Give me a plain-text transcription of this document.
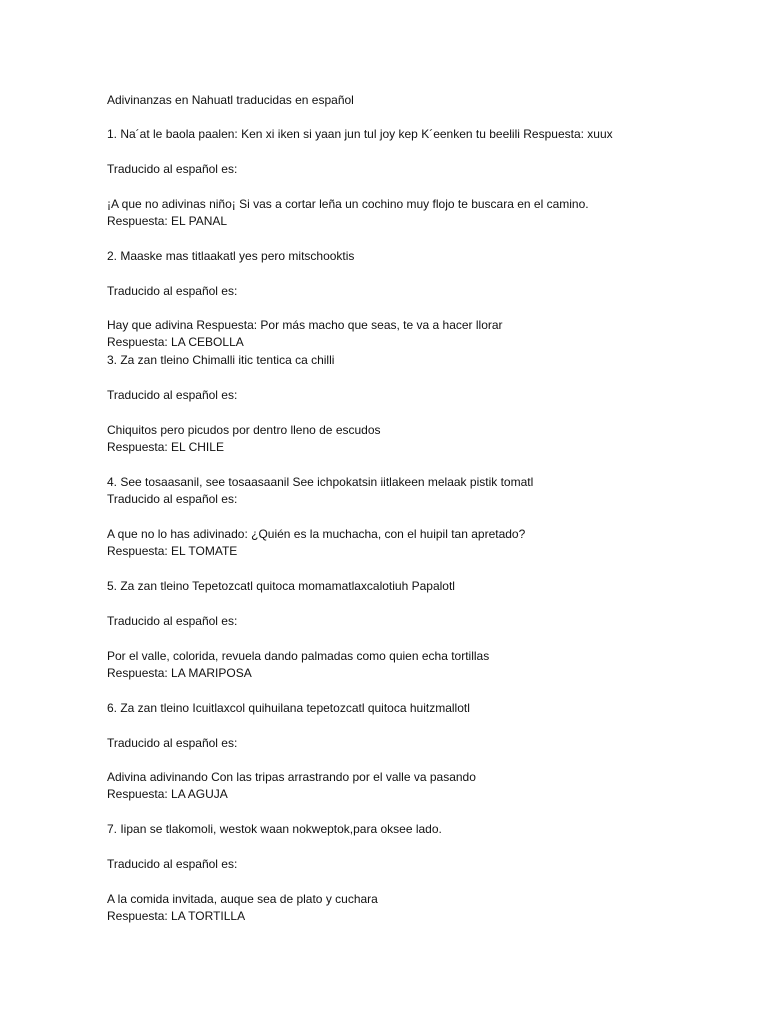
Adivinanzas en Nahuatl traducidas en español
1. Na´at le baola paalen: Ken xi iken si yaan jun tul joy kep K´eenken tu beelili Respuesta: xuux
Traducido al español es:
¡A que no adivinas niño¡ Si vas a cortar leña un cochino muy flojo te buscara en el camino.
Respuesta: EL PANAL
2. Maaske mas titlaakatl yes pero mitschooktis
Traducido al español es:
Hay que adivina Respuesta: Por más macho que seas, te va a hacer llorar
Respuesta: LA CEBOLLA
3. Za zan tleino Chimalli itic tentica ca chilli
Traducido al español es:
Chiquitos pero picudos por dentro lleno de escudos
Respuesta: EL CHILE
4. See tosaasanil, see tosaasaanil See ichpokatsin iitlakeen melaak pistik tomatl
Traducido al español es:
A que no lo has adivinado: ¿Quién es la muchacha, con el huipil tan apretado?
Respuesta: EL TOMATE
5. Za zan tleino Tepetozcatl quitoca momamatlaxcalotiuh Papalotl
Traducido al español es:
Por el valle, colorida, revuela dando palmadas como quien echa tortillas
Respuesta: LA MARIPOSA
6. Za zan tleino Icuitlaxcol quihuilana tepetozcatl quitoca huitzmallotl
Traducido al español es:
Adivina adivinando Con las tripas arrastrando por el valle va pasando
Respuesta: LA AGUJA
7. Iipan se tlakomoli, westok waan nokweptok,para oksee lado.
Traducido al español es:
A la comida invitada, auque sea de plato y cuchara
Respuesta: LA TORTILLA
